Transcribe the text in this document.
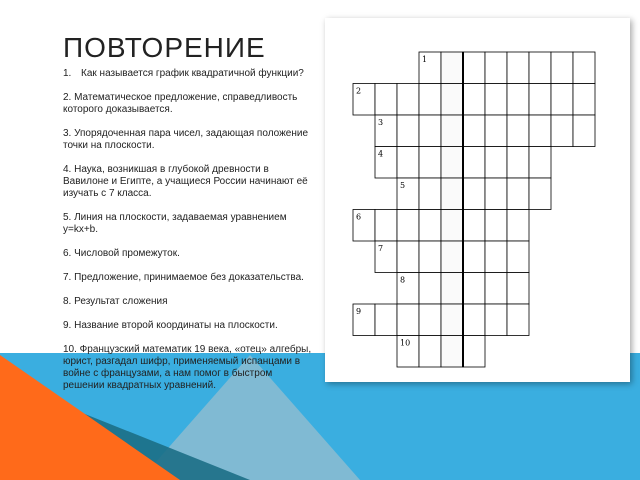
ПОВТОРЕНИЕ

1. Как называется график квадратичной функции?

2. Математическое предложение, справедливость которого доказывается.

3. Упорядоченная пара чисел, задающая положение точки на плоскости.

4. Наука, возникшая в глубокой древности в Вавилоне и Египте, а учащиеся России начинают её изучать с 7 класса.

5. Линия на плоскости, задаваемая уравнением y=kx+b.

6. Числовой промежуток.

7. Предложение, принимаемое без доказательства.

8. Результат сложения

9. Название второй координаты на плоскости.

10. Французский математик 19 века, «отец» алгебры, юрист, разгадал шифр, применяемый испанцами в войне с французами, а нам помог в быстром решении квадратных уравнений.

1
2
3
4
5
6
7
8
9
10
